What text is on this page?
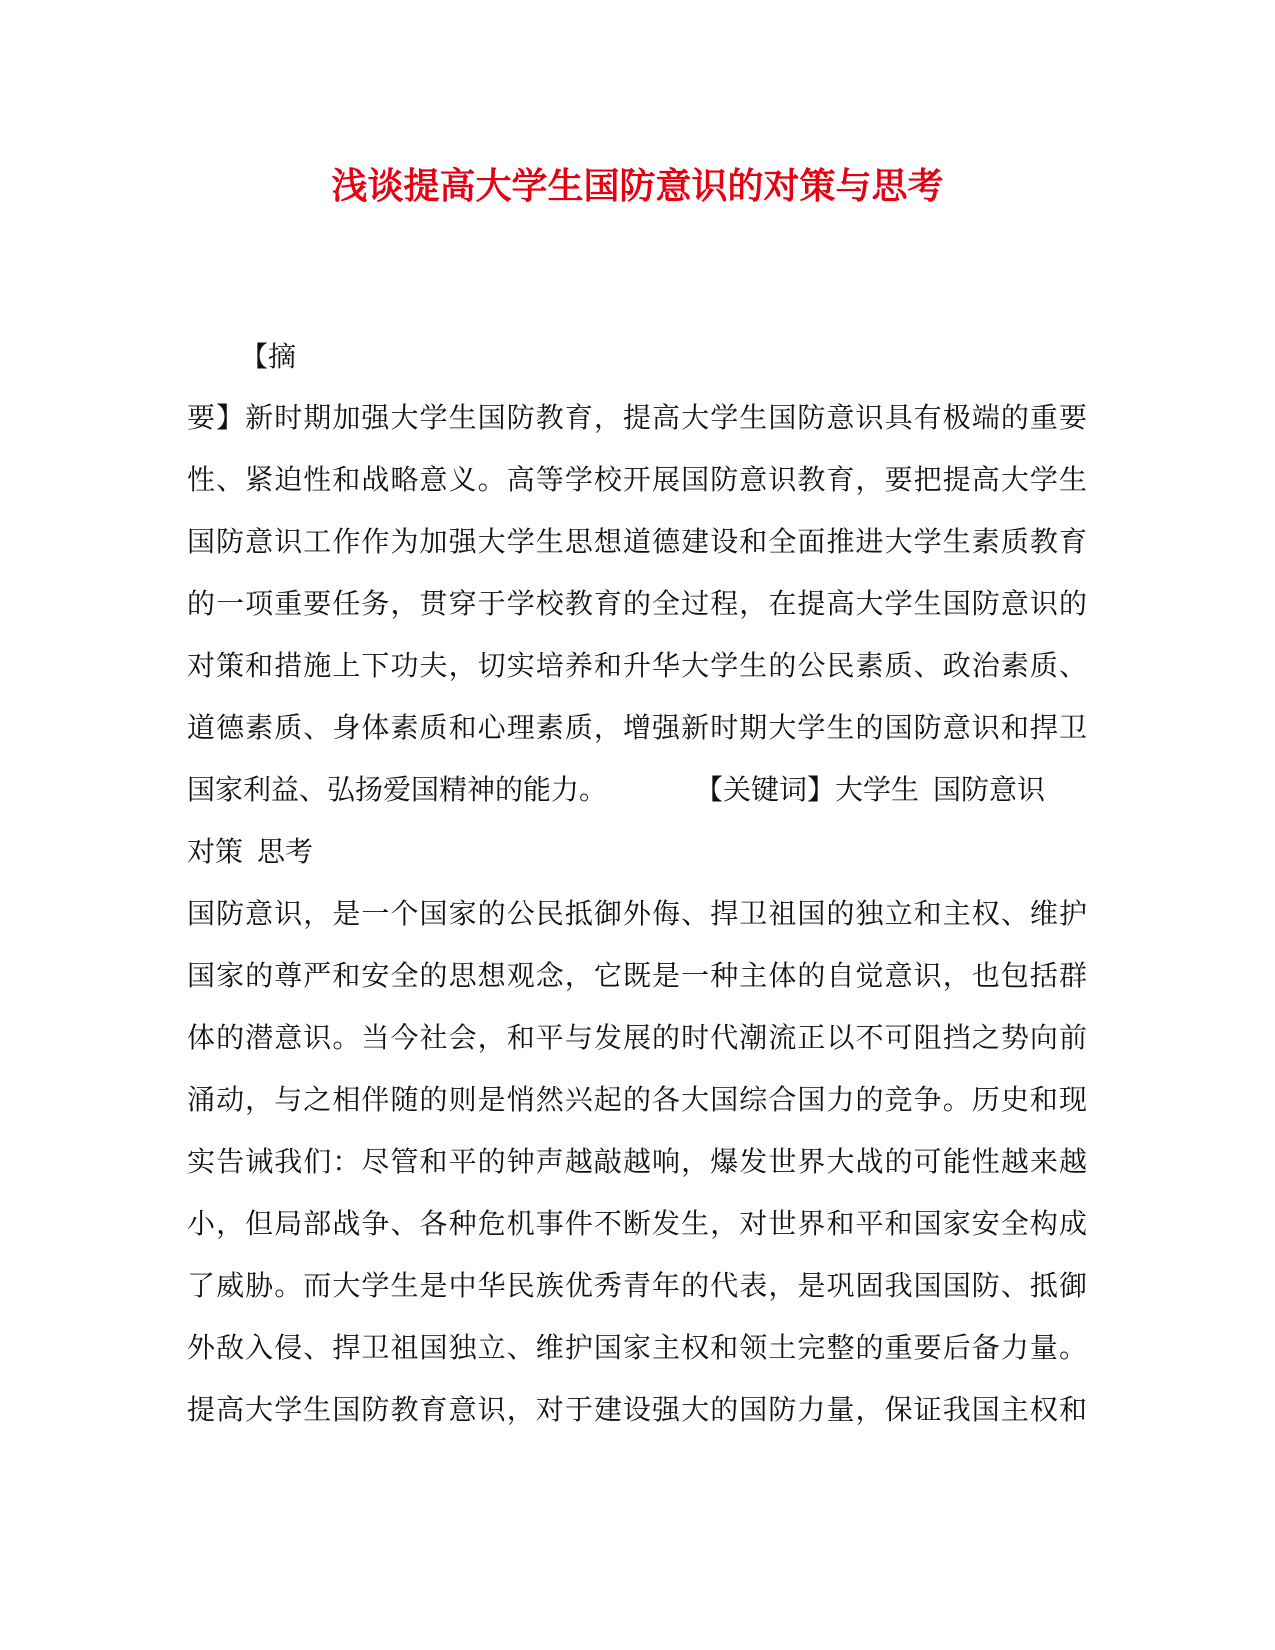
浅谈提高大学生国防意识的对策与思考
【摘
要】新时期加强大学生国防教育，提高大学生国防意识具有极端的重要
性、紧迫性和战略意义。高等学校开展国防意识教育，要把提高大学生
国防意识工作作为加强大学生思想道德建设和全面推进大学生素质教育
的一项重要任务，贯穿于学校教育的全过程，在提高大学生国防意识的
对策和措施上下功夫，切实培养和升华大学生的公民素质、政治素质、
道德素质、身体素质和心理素质，增强新时期大学生的国防意识和捍卫
国家利益、弘扬爱国精神的能力。	【关键词】大学生 国防意识
对策 思考
国防意识，是一个国家的公民抵御外侮、捍卫祖国的独立和主权、维护
国家的尊严和安全的思想观念，它既是一种主体的自觉意识，也包括群
体的潜意识。当今社会，和平与发展的时代潮流正以不可阻挡之势向前
涌动，与之相伴随的则是悄然兴起的各大国综合国力的竞争。历史和现
实告诫我们：尽管和平的钟声越敲越响，爆发世界大战的可能性越来越
小，但局部战争、各种危机事件不断发生，对世界和平和国家安全构成
了威胁。而大学生是中华民族优秀青年的代表，是巩固我国国防、抵御
外敌入侵、捍卫祖国独立、维护国家主权和领土完整的重要后备力量。
提高大学生国防教育意识，对于建设强大的国防力量，保证我国主权和
